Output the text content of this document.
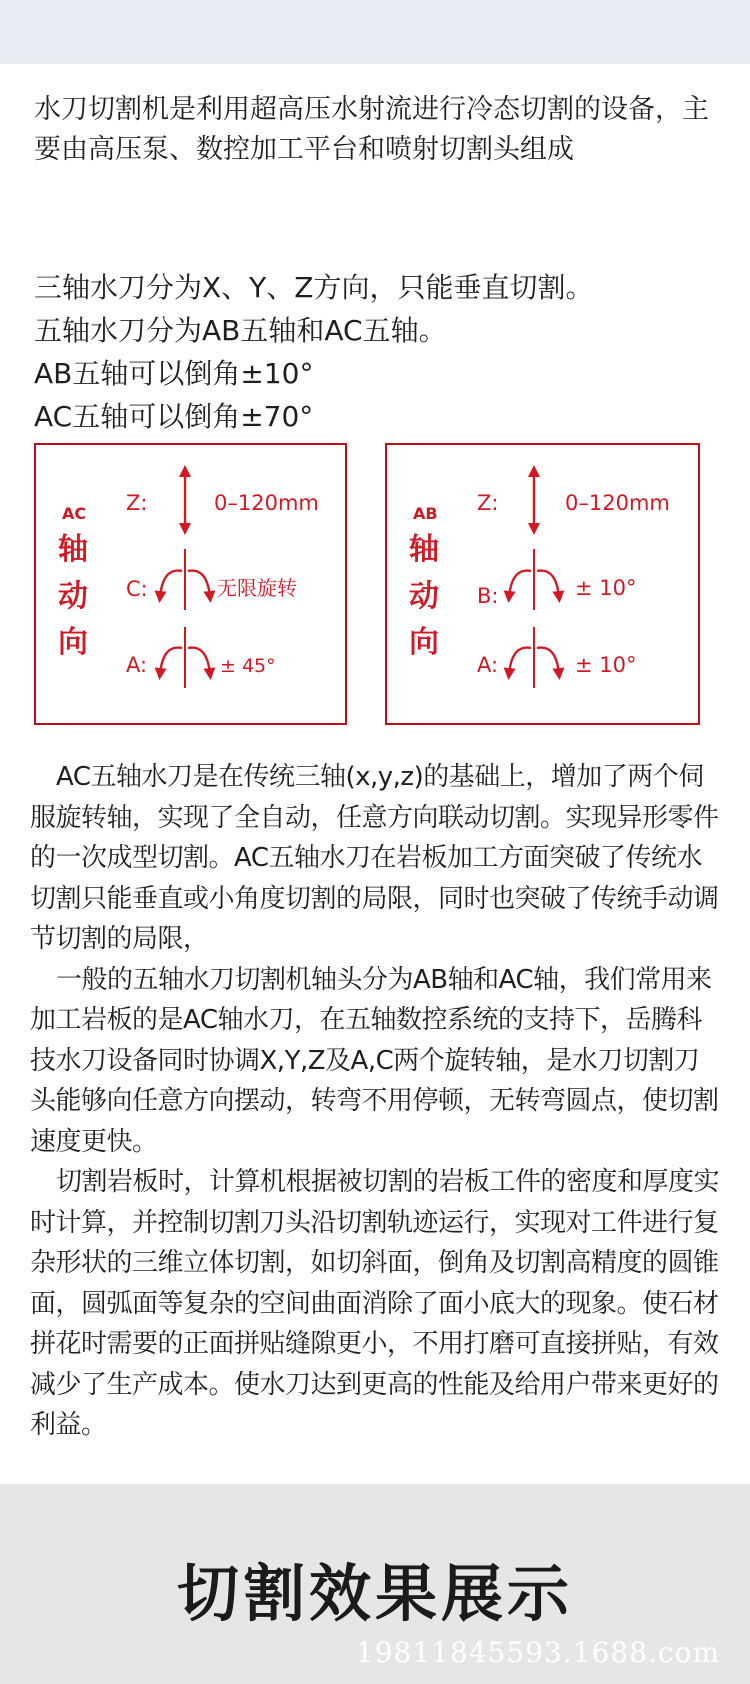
水刀切割机是利用超高压水射流进行冷态切割的设备，主要由高压泵、数控加工平台和喷射切割头组成

三轴水刀分为X、Y、Z方向，只能垂直切割。
五轴水刀分为AB五轴和AC五轴。
AB五轴可以倒角±10°
AC五轴可以倒角±70°
AC
轴
动
向
Z:	0–120mm
C:	无限旋转
A:	± 45°
AB
轴
动
向
Z:	0–120mm
B:	± 10°
A:	± 10°

AC五轴水刀是在传统三轴(x,y,z)的基础上，增加了两个伺服旋转轴，实现了全自动，任意方向联动切割。实现异形零件的一次成型切割。AC五轴水刀在岩板加工方面突破了传统水切割只能垂直或小角度切割的局限，同时也突破了传统手动调节切割的局限，

一般的五轴水刀切割机轴头分为AB轴和AC轴，我们常用来加工岩板的是AC轴水刀，在五轴数控系统的支持下，岳腾科技水刀设备同时协调X,Y,Z及A,C两个旋转轴，是水刀切割刀头能够向任意方向摆动，转弯不用停顿，无转弯圆点，使切割速度更快。

切割岩板时，计算机根据被切割的岩板工件的密度和厚度实时计算，并控制切割刀头沿切割轨迹运行，实现对工件进行复杂形状的三维立体切割，如切斜面，倒角及切割高精度的圆锥面，圆弧面等复杂的空间曲面消除了面小底大的现象。使石材拼花时需要的正面拼贴缝隙更小，不用打磨可直接拼贴，有效减少了生产成本。使水刀达到更高的性能及给用户带来更好的利益。

切割效果展示
19811845593.1688.com
